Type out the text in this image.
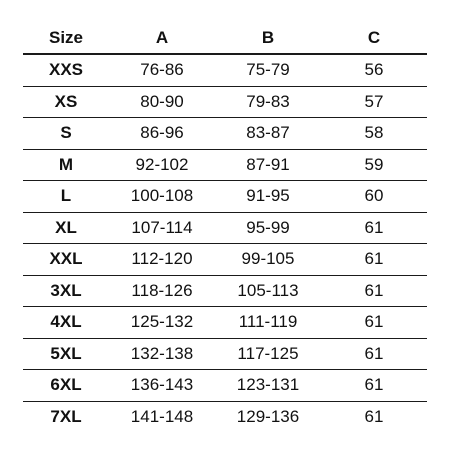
Size	A	B	C
XXS	76-86	75-79	56
XS	80-90	79-83	57
S	86-96	83-87	58
M	92-102	87-91	59
L	100-108	91-95	60
XL	107-114	95-99	61
XXL	112-120	99-105	61
3XL	118-126	105-113	61
4XL	125-132	111-119	61
5XL	132-138	117-125	61
6XL	136-143	123-131	61
7XL	141-148	129-136	61
